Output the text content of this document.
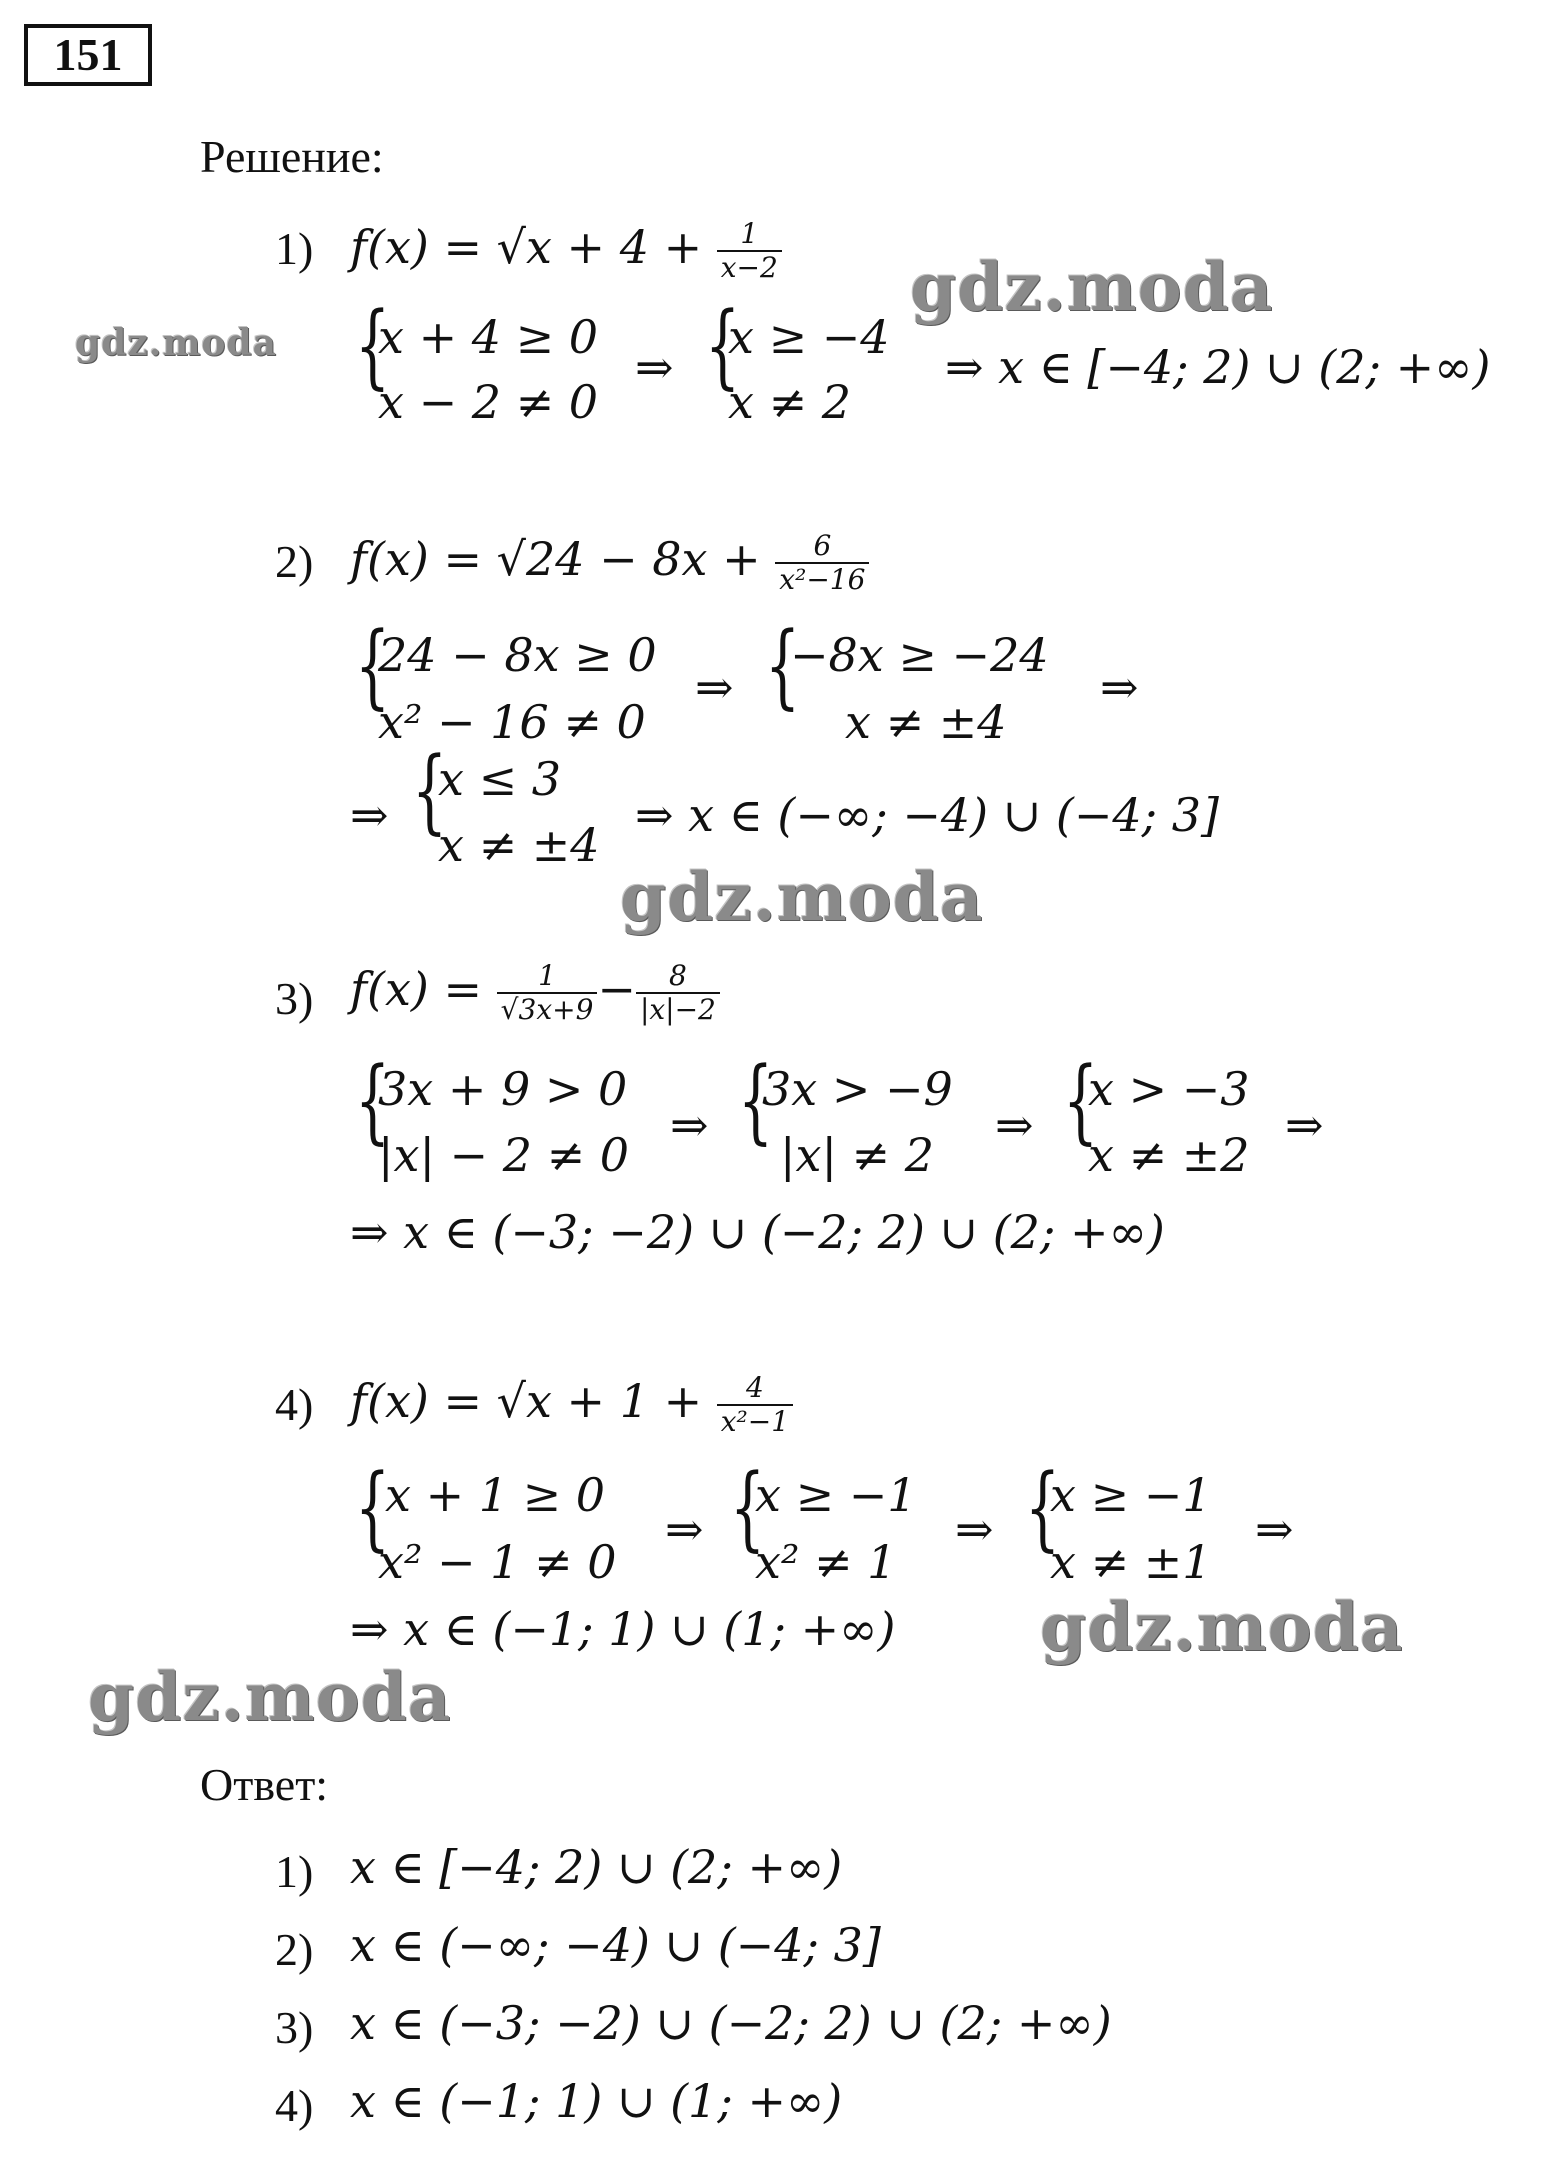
151
Решение:
1) $f(x) = √x + 4 + \frac{1}{x-2}$
{
x + 4 ≥ 0
x − 2 ≠ 0
⇒ {
x ≥ −4
x ≠ 2
⇒ x ∈ [−4; 2) ∪ (2; +∞)
2) $f(x) = √24 - 8x + \frac{6}{\text{x²−16}}$
{
24 − 8x ≥ 0
x² − 16 ≠ 0
⇒ {
−8x ≥ −24
x ≠ ±4
⇒
⇒ {
x ≤ 3
x ≠ ±4
⇒ x ∈ (−∞; −4) ∪ (−4; 3]
gdz.moda
3) $f(x) = \frac{1}{√3x+9} - \frac{8}{|x|-2}$
{
3x + 9 > 0
|x| − 2 ≠ 0
⇒ {
3x > −9
|x| ≠ 2
⇒ {
x > −3
x ≠ ±2
⇒
⇒ x ∈ (−3; −2) ∪ (−2; 2) ∪ (2; +∞)
4) $f(x) = √x + 1 + \frac{4}{\text{x²−1}}$
{
x + 1 ≥ 0
x² − 1 ≠ 0
⇒ {
x ≥ −1
x² ≠ 1
⇒ {
x ≥ −1
x ≠ ±1
⇒
⇒ x ∈ (−1; 1) ∪ (1; +∞)
Ответ:
1) x ∈ [−4; 2) ∪ (2; +∞)
2) x ∈ (−∞; −4) ∪ (−4; 3]
3) x ∈ (−3; −2) ∪ (−2; 2) ∪ (2; +∞)
4) x ∈ (−1; 1) ∪ (1; +∞)
gdz.moda
gdz.moda
gdz.moda
gdz.moda
